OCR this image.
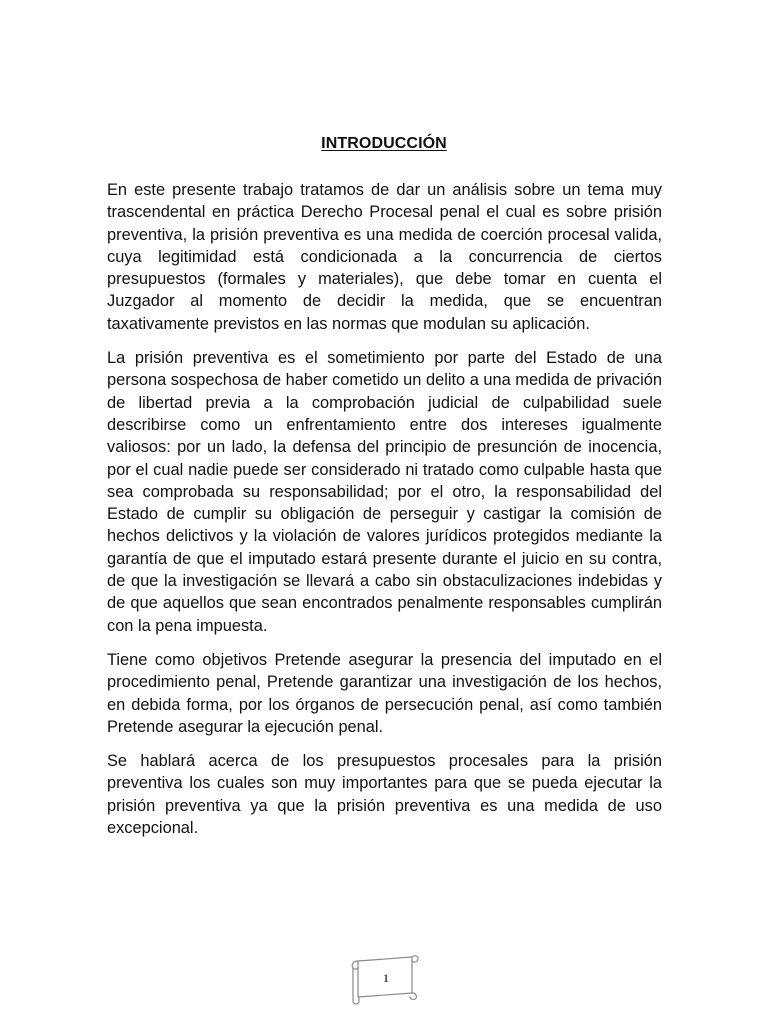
INTRODUCCIÓN

En este presente trabajo tratamos de dar un análisis sobre un tema muy trascendental en práctica Derecho Procesal penal el cual es sobre prisión preventiva, la prisión preventiva es una medida de coerción procesal valida, cuya legitimidad está condicionada a la concurrencia de ciertos presupuestos (formales y materiales), que debe tomar en cuenta el Juzgador al momento de decidir la medida, que se encuentran taxativamente previstos en las normas que modulan su aplicación.

La prisión preventiva es el sometimiento por parte del Estado de una persona sospechosa de haber cometido un delito a una medida de privación de libertad previa a la comprobación judicial de culpabilidad suele describirse como un enfrentamiento entre dos intereses igualmente valiosos: por un lado, la defensa del principio de presunción de inocencia, por el cual nadie puede ser considerado ni tratado como culpable hasta que sea comprobada su responsabilidad; por el otro, la responsabilidad del Estado de cumplir su obligación de perseguir y castigar la comisión de hechos delictivos y la violación de valores jurídicos protegidos mediante la garantía de que el imputado estará presente durante el juicio en su contra, de que la investigación se llevará a cabo sin obstaculizaciones indebidas y de que aquellos que sean encontrados penalmente responsables cumplirán con la pena impuesta.

Tiene como objetivos Pretende asegurar la presencia del imputado en el procedimiento penal, Pretende garantizar una investigación de los hechos, en debida forma, por los órganos de persecución penal, así como también Pretende asegurar la ejecución penal.

Se hablará acerca de los presupuestos procesales para la prisión preventiva los cuales son muy importantes para que se pueda ejecutar la prisión preventiva ya que la prisión preventiva es una medida de uso excepcional.

1
